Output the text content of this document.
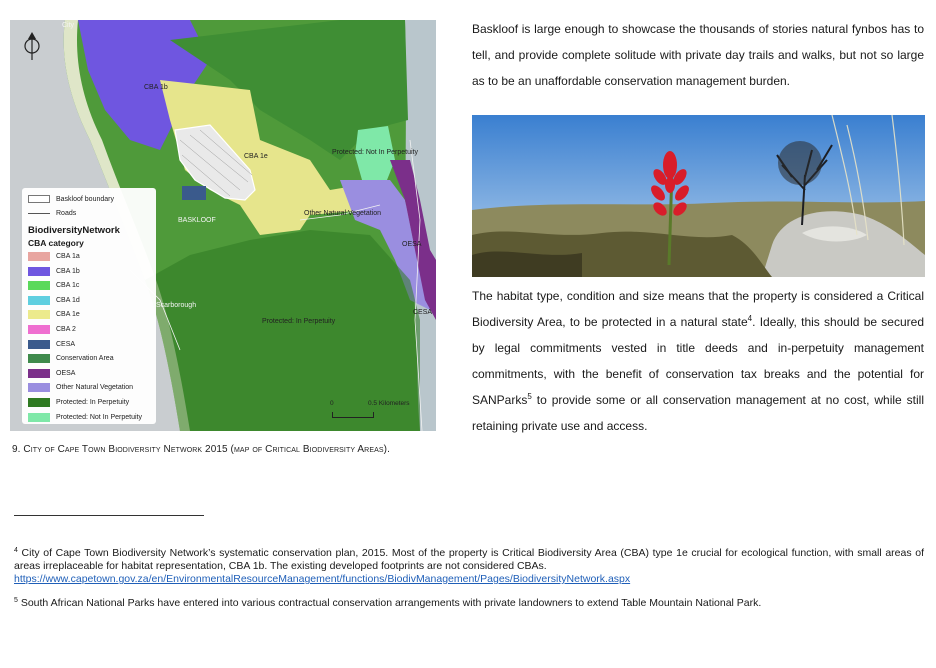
City
CBA 1b
CBA 1e
Protected: Not In Perpetuity
Other Natural Vegetation
BASKLOOF
OESA
Scarborough
Protected: In Perpetuity
CESA
Baskloof boundary
Roads
BiodiversityNetwork
CBA category
CBA 1a
CBA 1b
CBA 1c
CBA 1d
CBA 1e
CBA 2
CESA
Conservation Area
OESA
Other Natural Vegetation
Protected: In Perpetuity
Protected: Not In Perpetuity
0	0.5 Kilometers
9. City of Cape Town Biodiversity Network 2015 (map of Critical Biodiversity Areas).
Baskloof is large enough to showcase the thousands of stories natural fynbos has to tell, and provide complete solitude with private day trails and walks, but not so large as to be an unaffordable conservation management burden.
The habitat type, condition and size means that the property is considered a Critical Biodiversity Area, to be protected in a natural state$^4$. Ideally, this should be secured by legal commitments vested in title deeds and in-perpetuity management commitments, with the benefit of conservation tax breaks and the potential for SANParks$^5$ to provide some or all conservation management at no cost, while still retaining private use and access.
$^4$ City of Cape Town Biodiversity Network’s systematic conservation plan, 2015. Most of the property is Critical Biodiversity Area (CBA) type 1e crucial for ecological function, with small areas of areas irreplaceable for habitat representation, CBA 1b. The existing developed footprints are not considered CBAs.
https://www.capetown.gov.za/en/EnvironmentalResourceManagement/functions/BiodivManagement/Pages/BiodiversityNetwork.aspx
$^5$ South African National Parks have entered into various contractual conservation arrangements with private landowners to extend Table Mountain National Park.
